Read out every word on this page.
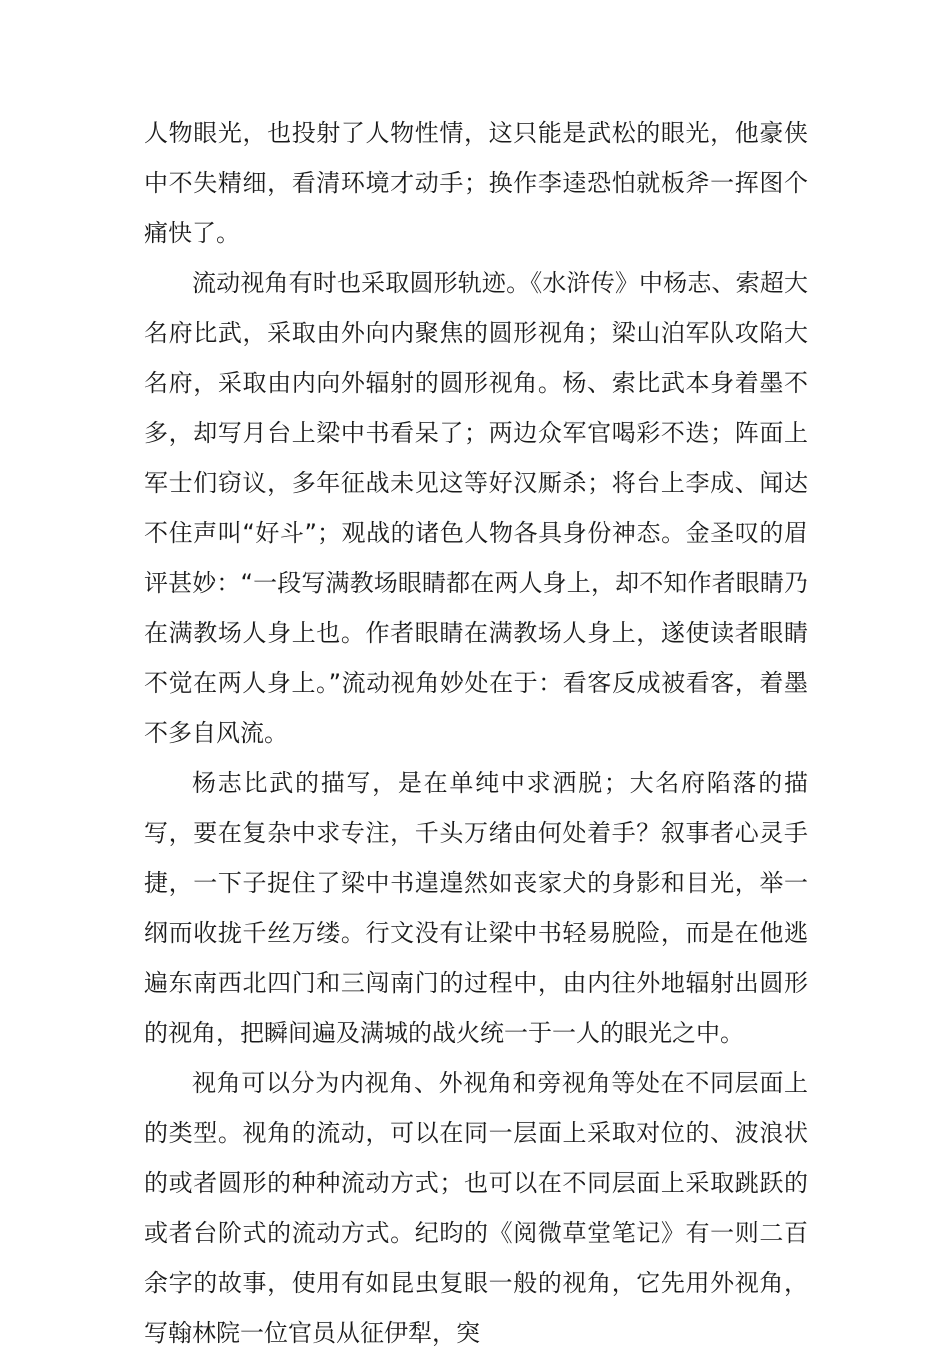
人物眼光，也投射了人物性情，这只能是武松的眼光，他豪侠中不失精细，看清环境才动手；换作李逵恐怕就板斧一挥图个痛快了。

流动视角有时也采取圆形轨迹。《水浒传》中杨志、索超大名府比武，采取由外向内聚焦的圆形视角；梁山泊军队攻陷大名府，采取由内向外辐射的圆形视角。杨、索比武本身着墨不多，却写月台上梁中书看呆了；两边众军官喝彩不迭；阵面上军士们窃议，多年征战未见这等好汉厮杀；将台上李成、闻达不住声叫“好斗”；观战的诸色人物各具身份神态。金圣叹的眉评甚妙：“一段写满教场眼睛都在两人身上，却不知作者眼睛乃在满教场人身上也。作者眼睛在满教场人身上，遂使读者眼睛不觉在两人身上。”流动视角妙处在于：看客反成被看客，着墨不多自风流。

杨志比武的描写，是在单纯中求洒脱；大名府陷落的描写，要在复杂中求专注，千头万绪由何处着手？叙事者心灵手捷，一下子捉住了梁中书遑遑然如丧家犬的身影和目光，举一纲而收拢千丝万缕。行文没有让梁中书轻易脱险，而是在他逃遍东南西北四门和三闯南门的过程中，由内往外地辐射出圆形的视角，把瞬间遍及满城的战火统一于一人的眼光之中。

视角可以分为内视角、外视角和旁视角等处在不同层面上的类型。视角的流动，可以在同一层面上采取对位的、波浪状的或者圆形的种种流动方式；也可以在不同层面上采取跳跃的或者台阶式的流动方式。纪昀的《阅微草堂笔记》有一则二百余字的故事，使用有如昆虫复眼一般的视角，它先用外视角，写翰林院一位官员从征伊犁，突
